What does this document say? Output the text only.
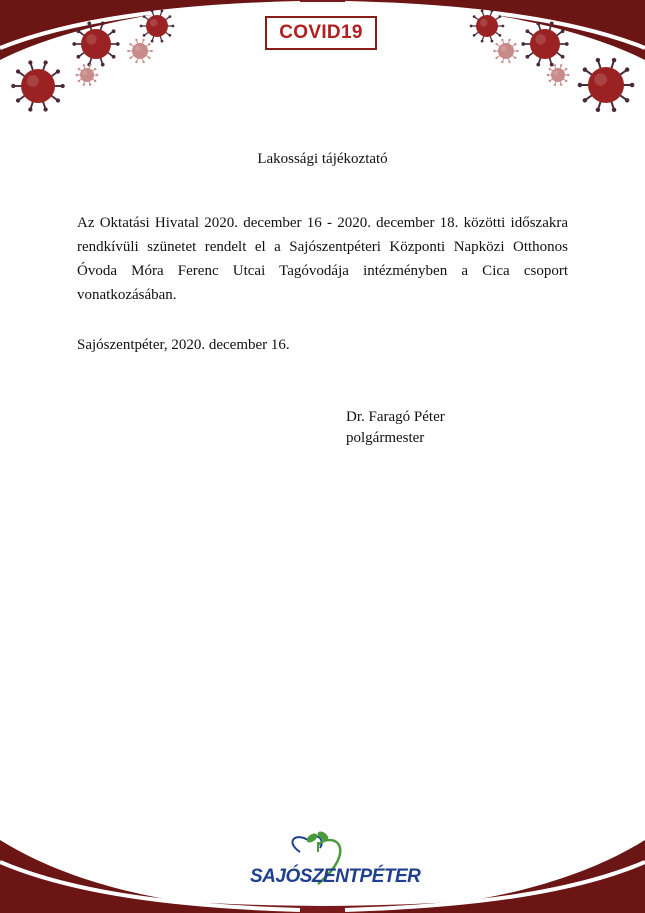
COVID19
Lakossági tájékoztató
Az Oktatási Hivatal 2020. december 16 - 2020. december 18. közötti időszakra rendkívüli szünetet rendelt el a Sajószentpéteri Központi Napközi Otthonos Óvoda Móra Ferenc Utcai Tagóvodája intézményben a Cica csoport vonatkozásában.
Sajószentpéter, 2020. december 16.
Dr. Faragó Péter
polgármester
SAJÓSZENTPÉTER
